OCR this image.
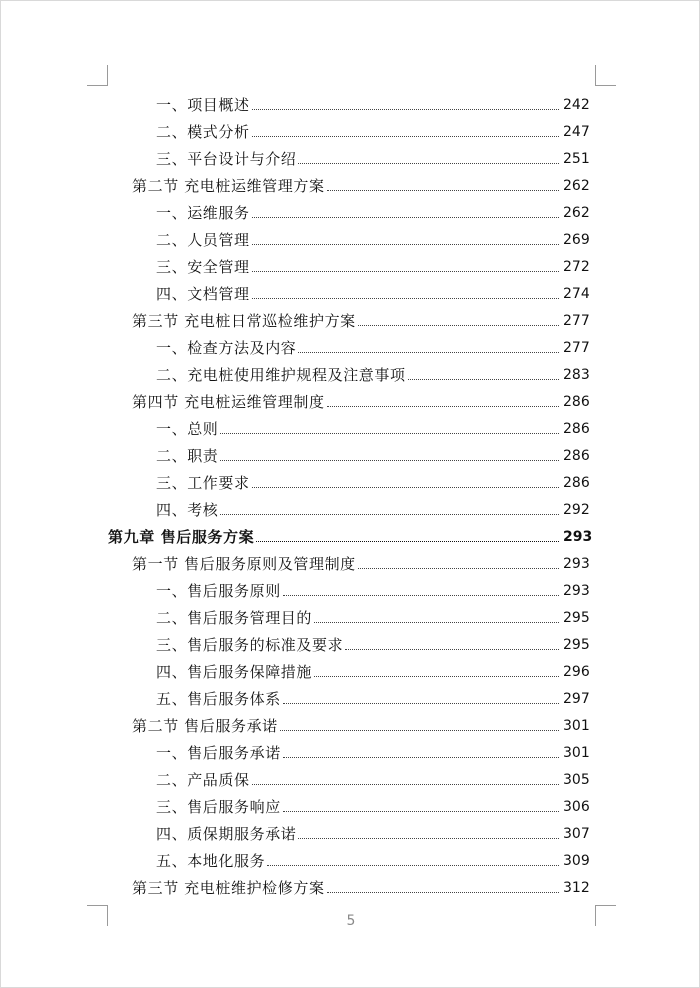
一、项目概述	242
二、模式分析	247
三、平台设计与介绍	251
第二节 充电桩运维管理方案	262
一、运维服务	262
二、人员管理	269
三、安全管理	272
四、文档管理	274
第三节 充电桩日常巡检维护方案	277
一、检查方法及内容	277
二、充电桩使用维护规程及注意事项	283
第四节 充电桩运维管理制度	286
一、总则	286
二、职责	286
三、工作要求	286
四、考核	292
第九章 售后服务方案	293
第一节 售后服务原则及管理制度	293
一、售后服务原则	293
二、售后服务管理目的	295
三、售后服务的标准及要求	295
四、售后服务保障措施	296
五、售后服务体系	297
第二节 售后服务承诺	301
一、售后服务承诺	301
二、产品质保	305
三、售后服务响应	306
四、质保期服务承诺	307
五、本地化服务	309
第三节 充电桩维护检修方案	312
5
